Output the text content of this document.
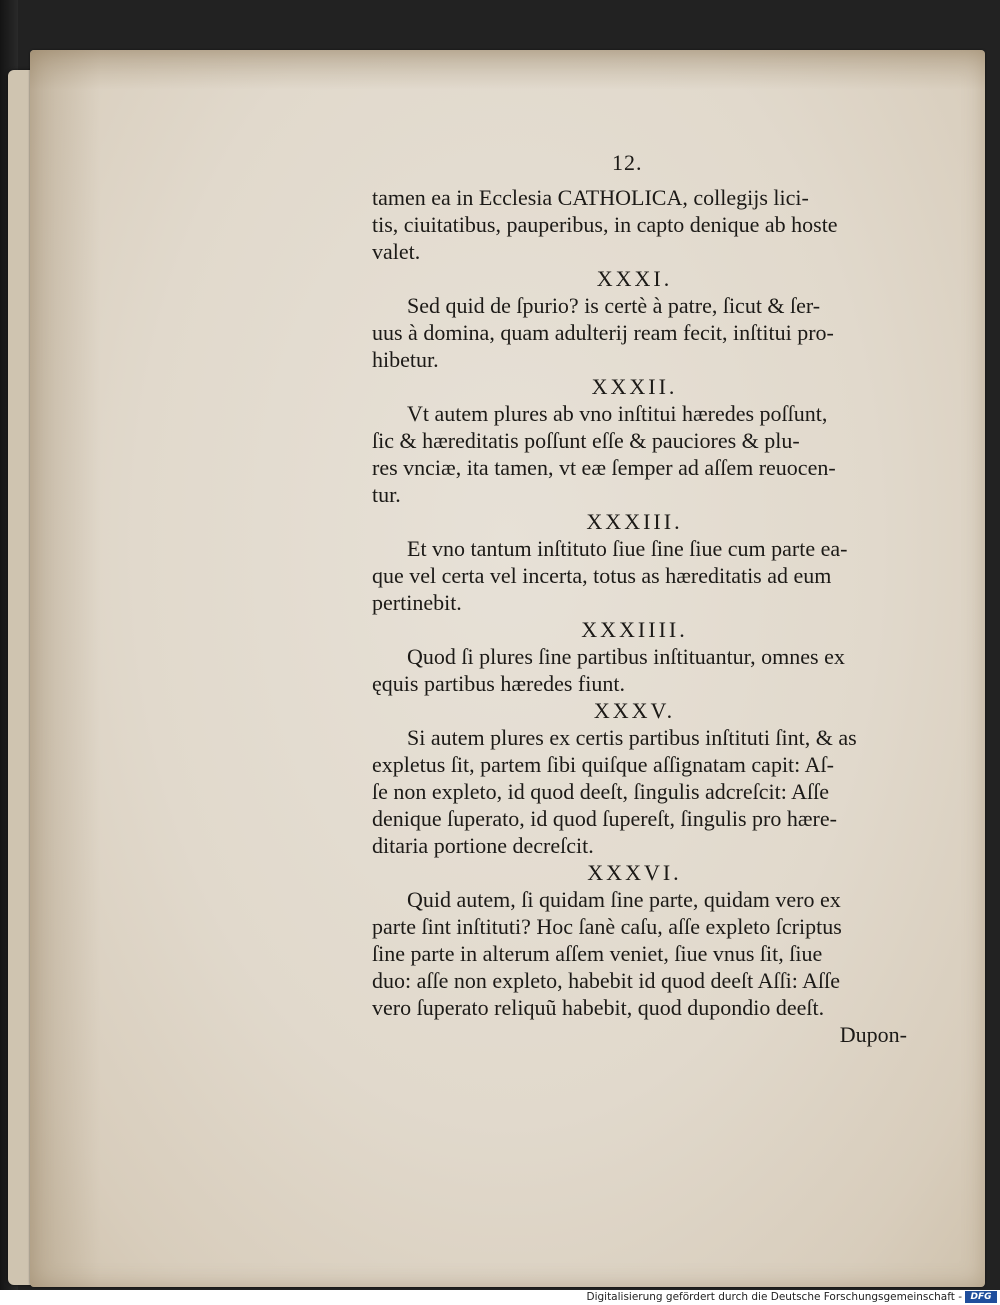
12.
tamen ea in Ecclesia CATHOLICA, collegijs lici-
tis, ciuitatibus, pauperibus, in capto denique ab hoste
valet.
XXXI.
Sed quid de ſpurio? is certè à patre, ſicut & ſer-
uus à domina, quam adulterij ream fecit, inſtitui pro-
hibetur.
XXXII.
Vt autem plures ab vno inſtitui hæredes poſſunt,
ſic & hæreditatis poſſunt eſſe & pauciores & plu-
res vnciæ, ita tamen, vt eæ ſemper ad aſſem reuocen-
tur.
XXXIII.
Et vno tantum inſtituto ſiue ſine ſiue cum parte ea-
que vel certa vel incerta, totus as hæreditatis ad eum
pertinebit.
XXXIIII.
Quod ſi plures ſine partibus inſtituantur, omnes ex
ęquis partibus hæredes fiunt.
XXXV.
Si autem plures ex certis partibus inſtituti ſint, & as
expletus ſit, partem ſibi quiſque aſſignatam capit: Aſ-
ſe non expleto, id quod deeſt, ſingulis adcreſcit: Aſſe
denique ſuperato, id quod ſupereſt, ſingulis pro hære-
ditaria portione decreſcit.
XXXVI.
Quid autem, ſi quidam ſine parte, quidam vero ex
parte ſint inſtituti? Hoc ſanè caſu, aſſe expleto ſcriptus
ſine parte in alterum aſſem veniet, ſiue vnus ſit, ſiue
duo: aſſe non expleto, habebit id quod deeſt Aſſi: Aſſe
vero ſuperato reliquũ habebit, quod dupondio deeſt.
Dupon-
Digitalisierung gefördert durch die Deutsche Forschungsgemeinschaft - DFG
